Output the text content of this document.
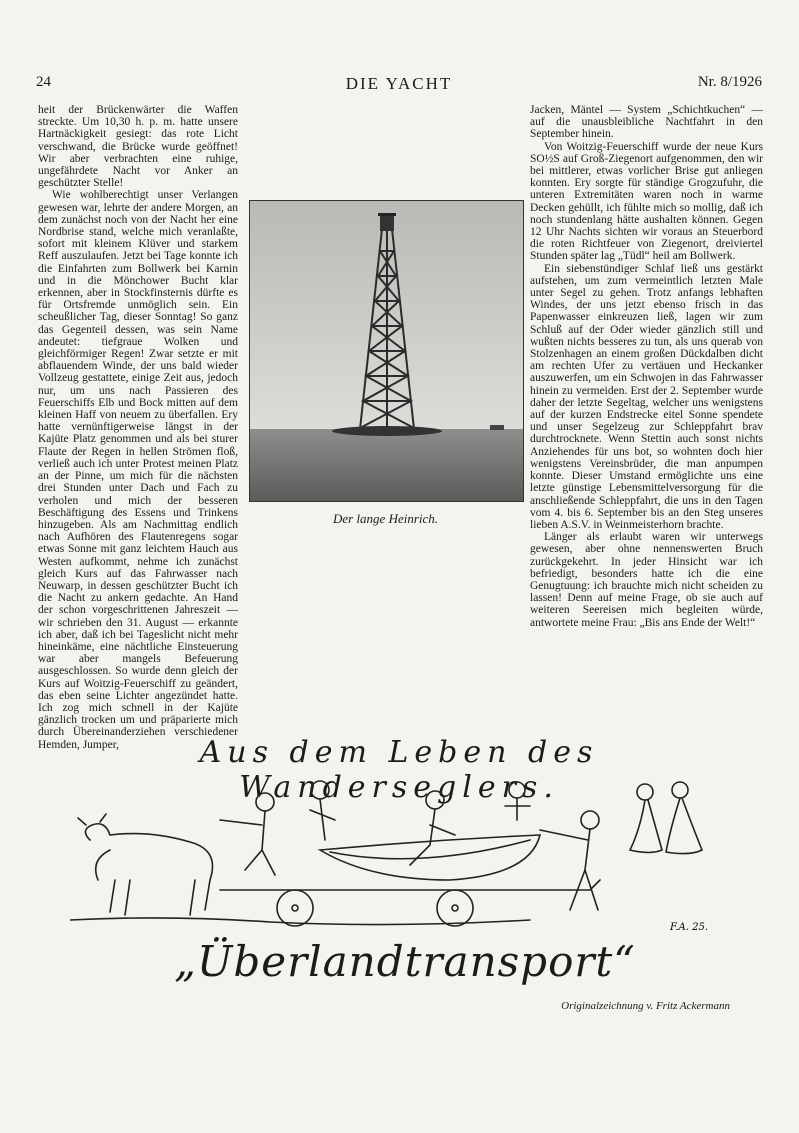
24	DIE YACHT	Nr. 8/1926

heit der Brückenwärter die Waffen streckte. Um 10,30 h. p. m. hatte unsere Hartnäckigkeit gesiegt: das rote Licht verschwand, die Brücke wurde geöffnet! Wir aber verbrachten eine ruhige, ungefährdete Nacht vor Anker an geschützter Stelle!

Wie wohlberechtigt unser Verlangen gewesen war, lehrte der andere Morgen, an dem zunächst noch von der Nacht her eine Nordbrise stand, welche mich veranlaßte, sofort mit kleinem Klüver und starkem Reff auszulaufen. Jetzt bei Tage konnte ich die Einfahrten zum Bollwerk bei Karnin und in die Mönchower Bucht klar erkennen, aber in Stockfinsternis dürfte es für Ortsfremde unmöglich sein. Ein scheußlicher Tag, dieser Sonntag! So ganz das Gegenteil dessen, was sein Name andeutet: tiefgraue Wolken und gleichförmiger Regen! Zwar setzte er mit abflauendem Winde, der uns bald wieder Vollzeug gestattete, einige Zeit aus, jedoch nur, um uns nach Passieren des Feuerschiffs Elb und Bock mitten auf dem kleinen Haff von neuem zu überfallen. Ery hatte vernünftigerweise längst in der Kajüte Platz genommen und als bei sturer Flaute der Regen in hellen Strömen floß, verließ auch ich unter Protest meinen Platz an der Pinne, um mich für die nächsten drei Stunden unter Dach und Fach zu verholen und mich der besseren Beschäftigung des Essens und Trinkens hinzugeben. Als am Nachmittag endlich nach Aufhören des Flautenregens sogar etwas Sonne mit ganz leichtem Hauch aus Westen aufkommt, nehme ich zunächst gleich Kurs auf das Fahrwasser nach Neuwarp, in dessen geschützter Bucht ich die Nacht zu ankern gedachte. An Hand der schon vorgeschrittenen Jahreszeit — wir schrieben den 31. August — erkannte ich aber, daß ich bei Tageslicht nicht mehr hineinkäme, eine nächtliche Einsteuerung war aber mangels Befeuerung ausgeschlossen. So wurde denn gleich der Kurs auf Woitzig-Feuerschiff zu geändert, das eben seine Lichter angezündet hatte. Ich zog mich schnell in der Kajüte gänzlich trocken um und präparierte mich durch Übereinanderziehen verschiedener Hemden, Jumper,

Jacken, Mäntel — System „Schichtkuchen“ — auf die unausbleibliche Nachtfahrt in den September hinein.

Von Woitzig-Feuerschiff wurde der neue Kurs SO½S auf Groß-Ziegenort aufgenommen, den wir bei mittlerer, etwas vorlicher Brise gut anliegen konnten. Ery sorgte für ständige Grogzufuhr, die unteren Extremitäten waren noch in warme Decken gehüllt, ich fühlte mich so mollig, daß ich noch stundenlang hätte aushalten können. Gegen 12 Uhr Nachts sichten wir voraus an Steuerbord die roten Richtfeuer von Ziegenort, dreiviertel Stunden später lag „Tüdl“ heil am Bollwerk.

Ein siebenstündiger Schlaf ließ uns gestärkt aufstehen, um zum vermeintlich letzten Male unter Segel zu gehen. Trotz anfangs lebhaften Windes, der uns jetzt ebenso frisch in das Papenwasser einkreuzen ließ, lagen wir zum Schluß auf der Oder wieder gänzlich still und wußten nichts besseres zu tun, als uns querab von Stolzenhagen an einem großen Dückdalben dicht am rechten Ufer zu vertäuen und Heckanker auszuwerfen, um ein Schwojen in das Fahrwasser hinein zu vermeiden. Erst der 2. September wurde daher der letzte Segeltag, welcher uns wenigstens auf der kurzen Endstrecke eitel Sonne spendete und unser Segelzeug zur Schleppfahrt brav durchtrocknete. Wenn Stettin auch sonst nichts Anziehendes für uns bot, so wohnten doch hier wenigstens Vereinsbrüder, die man anpumpen konnte. Dieser Umstand ermöglichte uns eine letzte günstige Lebensmittelversorgung für die anschließende Schleppfahrt, die uns in den Tagen vom 4. bis 6. September bis an den Steg unseres lieben A.S.V. in Weinmeisterhorn brachte.

Länger als erlaubt waren wir unterwegs gewesen, aber ohne nennenswerten Bruch zurückgekehrt. In jeder Hinsicht war ich befriedigt, besonders hatte ich die eine Genugtuung: ich brauchte mich nicht scheiden zu lassen! Denn auf meine Frage, ob sie auch auf weiteren Seereisen mich begleiten würde, antwortete meine Frau: „Bis ans Ende der Welt!“

Der lange Heinrich.
Aus dem Leben des Wanderseglers.
F.A. 25.
„Überlandtransport“
Originalzeichnung v. Fritz Ackermann
